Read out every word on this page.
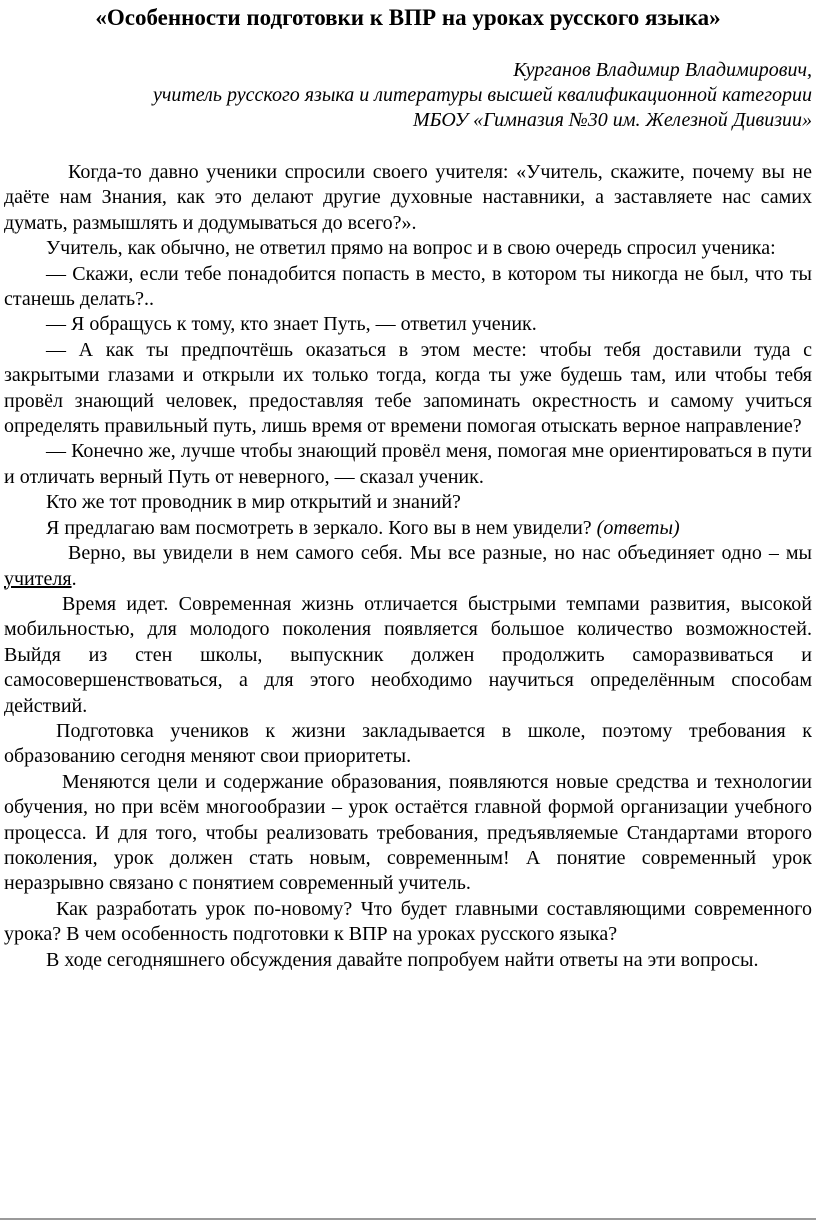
«Особенности подготовки к ВПР на уроках русского языка»
Курганов Владимир Владимирович,
учитель русского языка и литературы высшей квалификационной категории
МБОУ «Гимназия №30 им. Железной Дивизии»

Когда-то давно ученики спросили своего учителя: «Учитель, скажите, почему вы не даёте нам Знания, как это делают другие духовные наставники, а заставляете нас самих думать, размышлять и додумываться до всего?».

Учитель, как обычно, не ответил прямо на вопрос и в свою очередь спросил ученика:

— Скажи, если тебе понадобится попасть в место, в котором ты никогда не был, что ты станешь делать?..

— Я обращусь к тому, кто знает Путь, — ответил ученик.

— А как ты предпочтёшь оказаться в этом месте: чтобы тебя доставили туда с закрытыми глазами и открыли их только тогда, когда ты уже будешь там, или чтобы тебя провёл знающий человек, предоставляя тебе запоминать окрестность и самому учиться определять правильный путь, лишь время от времени помогая отыскать верное направление?

— Конечно же, лучше чтобы знающий провёл меня, помогая мне ориентироваться в пути и отличать верный Путь от неверного, — сказал ученик.

Кто же тот проводник в мир открытий и знаний?

Я предлагаю вам посмотреть в зеркало. Кого вы в нем увидели? (ответы)

Верно, вы увидели в нем самого себя. Мы все разные, но нас объединяет одно – мы учителя.

Время идет. Современная жизнь отличается быстрыми темпами развития, высокой мобильностью, для молодого поколения появляется большое количество возможностей. Выйдя из стен школы, выпускник должен продолжить саморазвиваться и самосовершенствоваться, а для этого необходимо научиться определённым способам действий.

Подготовка учеников к жизни закладывается в школе, поэтому требования к образованию сегодня меняют свои приоритеты.

Меняются цели и содержание образования, появляются новые средства и технологии обучения, но при всём многообразии – урок остаётся главной формой организации учебного процесса. И для того, чтобы реализовать требования, предъявляемые Стандартами второго поколения, урок должен стать новым, современным! А понятие современный урок неразрывно связано с понятием современный учитель.

Как разработать урок по-новому? Что будет главными составляющими современного урока? В чем особенность подготовки к ВПР на уроках русского языка?

В ходе сегодняшнего обсуждения давайте попробуем найти ответы на эти вопросы.
